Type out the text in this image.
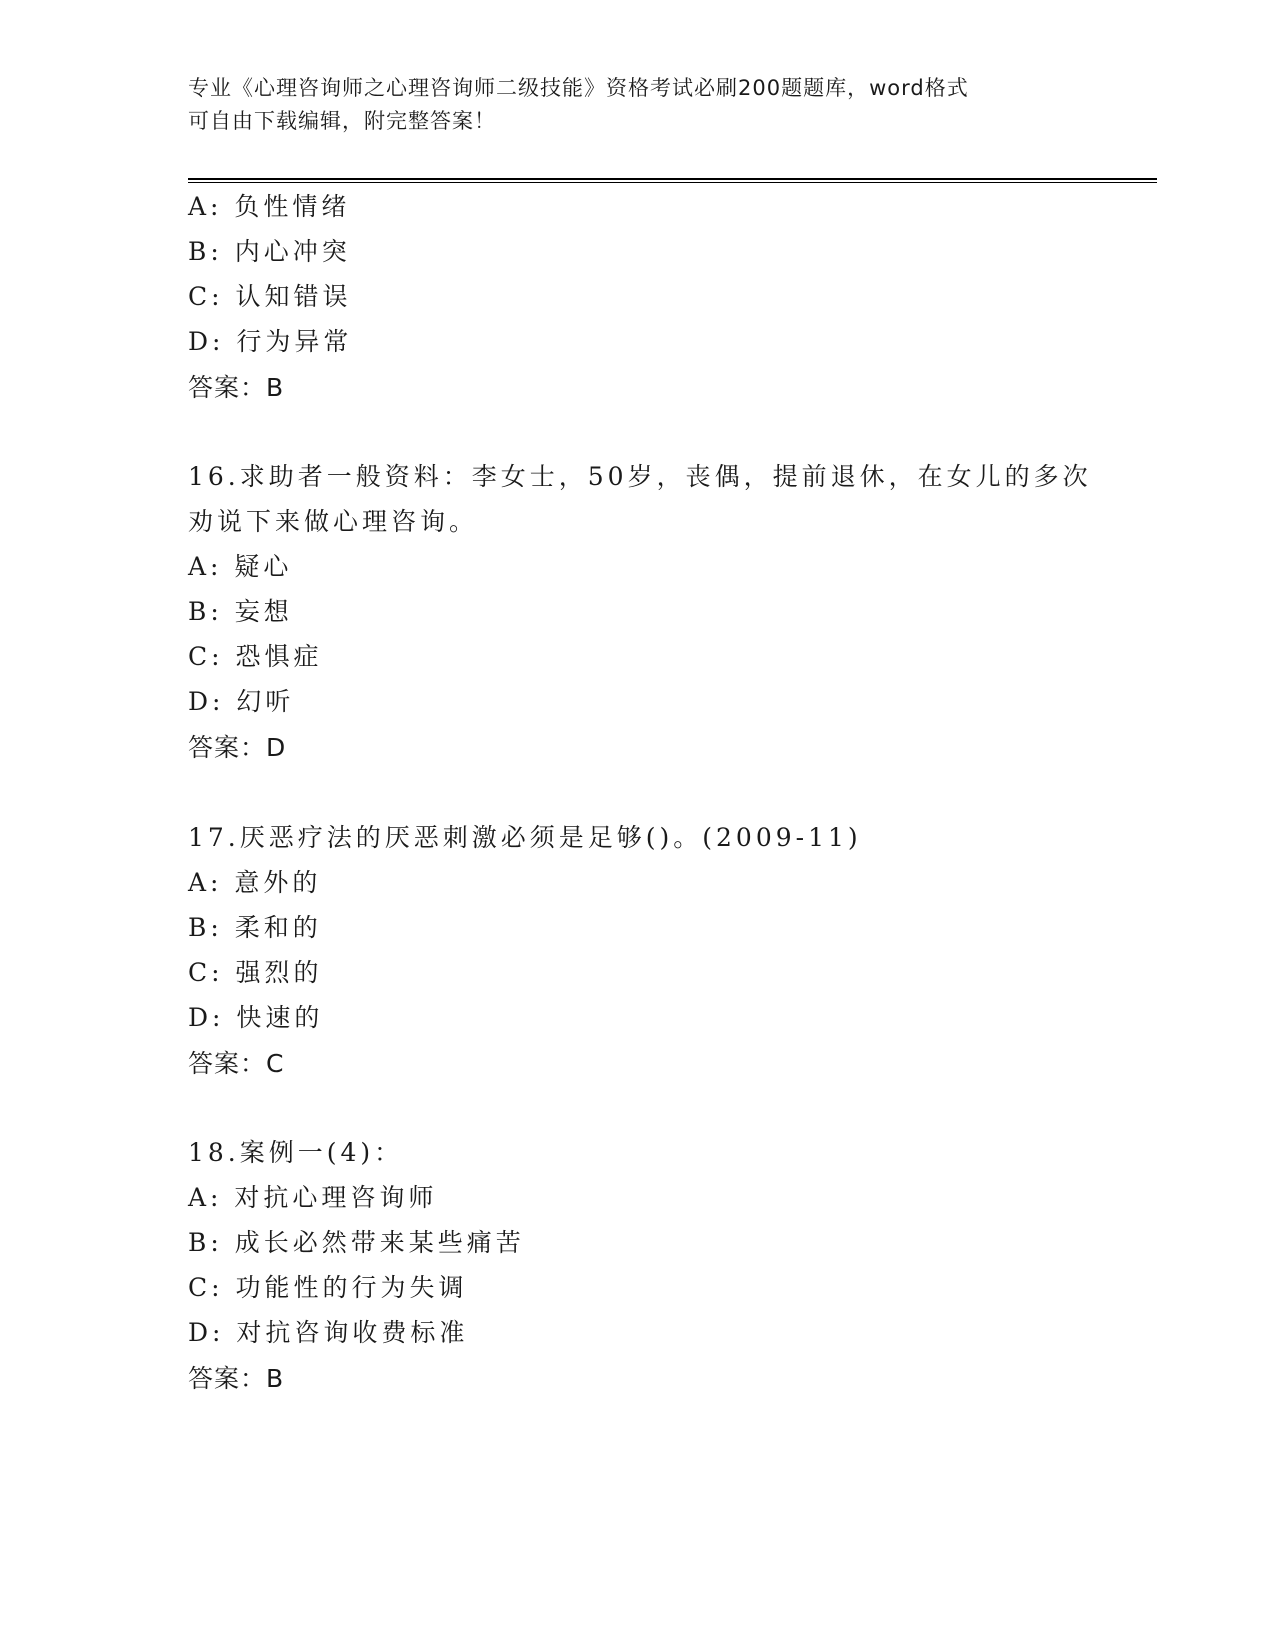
专业《心理咨询师之心理咨询师二级技能》资格考试必刷200题题库，word格式
可自由下载编辑，附完整答案！
A: 负性情绪
B: 内心冲突
C: 认知错误
D: 行为异常
答案：B
16.求助者一般资料：李女士，50岁，丧偶，提前退休，在女儿的多次
劝说下来做心理咨询。
A: 疑心
B: 妄想
C: 恐惧症
D: 幻听
答案：D
17.厌恶疗法的厌恶刺激必须是足够()。(2009-11)
A: 意外的
B: 柔和的
C: 强烈的
D: 快速的
答案：C
18.案例一(4)：
A: 对抗心理咨询师
B: 成长必然带来某些痛苦
C: 功能性的行为失调
D: 对抗咨询收费标准
答案：B
